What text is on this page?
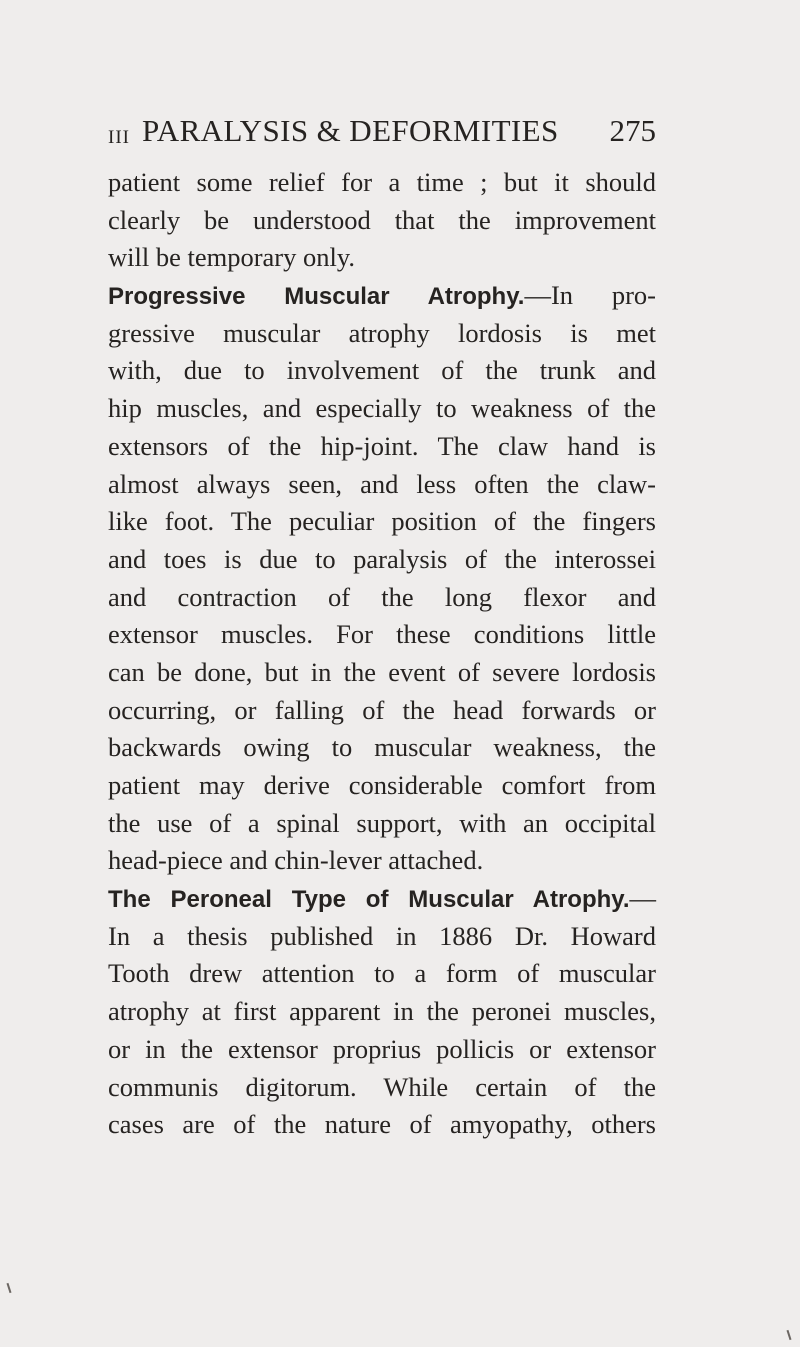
III PARALYSIS & DEFORMITIES 275
patient some relief for a time ; but it should
clearly be understood that the improvement
will be temporary only.
Progressive Muscular Atrophy.—In pro-
gressive muscular atrophy lordosis is met
with, due to involvement of the trunk and
hip muscles, and especially to weakness of the
extensors of the hip-joint. The claw hand is
almost always seen, and less often the claw-
like foot. The peculiar position of the fingers
and toes is due to paralysis of the interossei
and contraction of the long flexor and
extensor muscles. For these conditions little
can be done, but in the event of severe lordosis
occurring, or falling of the head forwards or
backwards owing to muscular weakness, the
patient may derive considerable comfort from
the use of a spinal support, with an occipital
head-piece and chin-lever attached.
The Peroneal Type of Muscular Atrophy.—
In a thesis published in 1886 Dr. Howard
Tooth drew attention to a form of muscular
atrophy at first apparent in the peronei muscles,
or in the extensor proprius pollicis or extensor
communis digitorum. While certain of the
cases are of the nature of amyopathy, others
